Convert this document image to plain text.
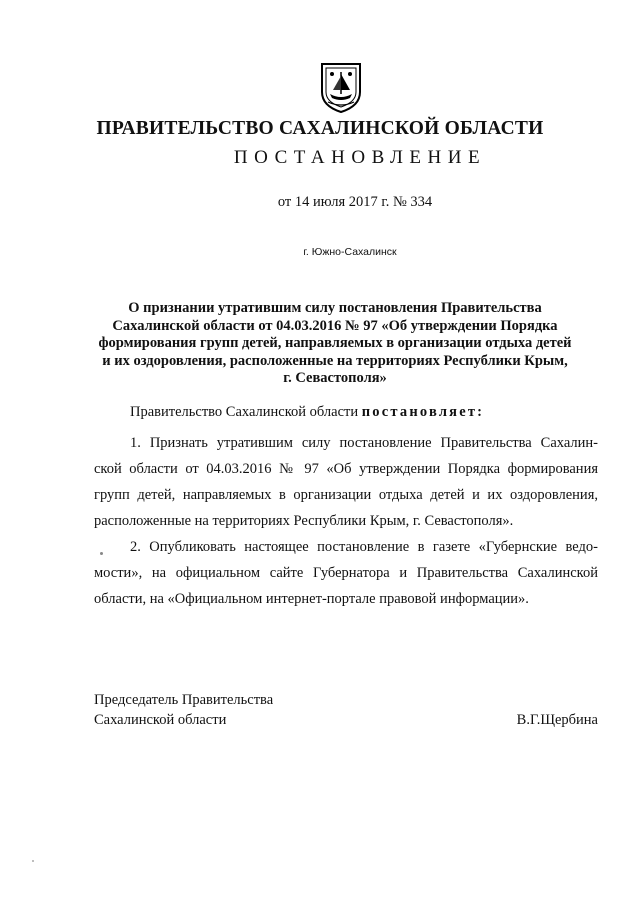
ПРАВИТЕЛЬСТВО САХАЛИНСКОЙ ОБЛАСТИ
ПОСТАНОВЛЕНИЕ
от 14 июля 2017 г. № 334
г. Южно-Сахалинск
О признании утратившим силу постановления Правительства
Сахалинской области от 04.03.2016 № 97 «Об утверждении Порядка
формирования групп детей, направляемых в организации отдыха детей
и их оздоровления, расположенные на территориях Республики Крым,
г. Севастополя»
Правительство Сахалинской области постановляет:
1. Признать утратившим силу постановление Правительства Сахалин-
ской области от 04.03.2016 № 97 «Об утверждении Порядка формирования
групп детей, направляемых в организации отдыха детей и их оздоровления,
расположенные на территориях Республики Крым, г. Севастополя».
2. Опубликовать настоящее постановление в газете «Губернские ведо-
мости», на официальном сайте Губернатора и Правительства Сахалинской
области, на «Официальном интернет-портале правовой информации».
Председатель Правительства
Сахалинской области	В.Г.Щербина
